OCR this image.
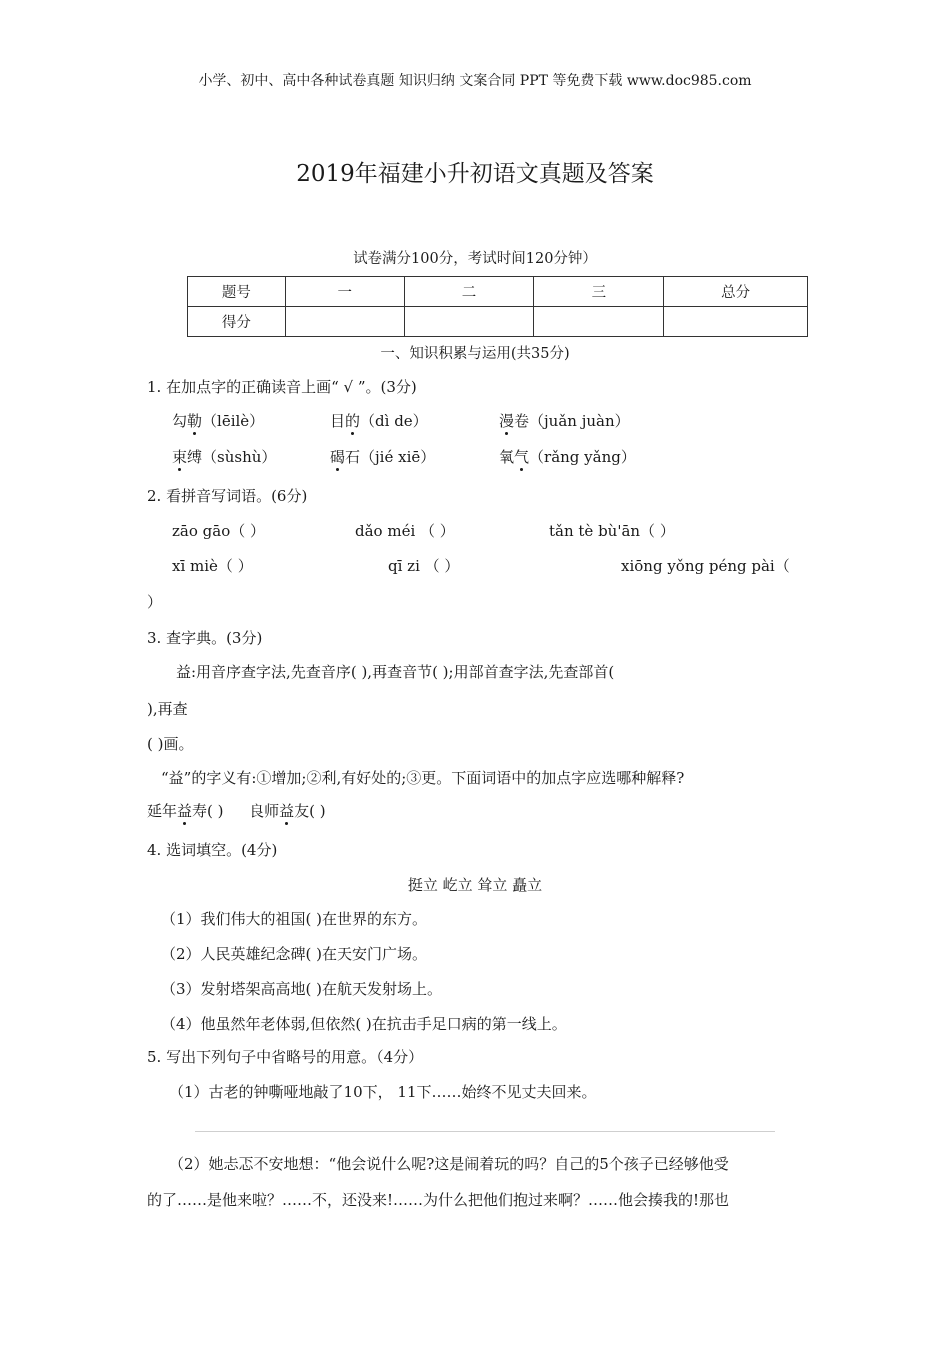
小学、初中、高中各种试卷真题 知识归纳 文案合同 PPT 等免费下载 www.doc985.com
2019年福建小升初语文真题及答案
试卷满分100分，考试时间120分钟）
题号	一	二	三	总分
得分				
一、知识积累与运用(共35分)
1. 在加点字的正确读音上画“ √ ”。(3分)
勾勒（lēilè）	目的（dì de）	漫卷（juǎn juàn）
束缚（sùshù）	碣石（jié xiē）	氧气（rǎng yǎng）
2. 看拼音写词语。(6分)
zāo gāo（ ）	dǎo méi （ ）	tǎn tè bù'ān（ ）
xī miè（ ）	qī zi （ ）	xiōng yǒng péng pài（
）
3. 查字典。(3分)
益:用音序查字法,先查音序( ),再查音节( );用部首查字法,先查部首(
),再查
( )画。
“益”的字义有:①增加;②利,有好处的;③更。下面词语中的加点字应选哪种解释?
延年益寿( ) 良师益友( )
4. 选词填空。(4分)
挺立 屹立 耸立 矗立
（1）我们伟大的祖国( )在世界的东方。
（2）人民英雄纪念碑( )在天安门广场。
（3）发射塔架高高地( )在航天发射场上。
（4）他虽然年老体弱,但依然( )在抗击手足口病的第一线上。
5. 写出下列句子中省略号的用意。（4分）
（1）古老的钟嘶哑地敲了10下， 11下……始终不见丈夫回来。
（2）她忐忑不安地想：“他会说什么呢?这是闹着玩的吗？自己的5个孩子已经够他受
的了……是他来啦？……不，还没来!……为什么把他们抱过来啊？……他会揍我的!那也
